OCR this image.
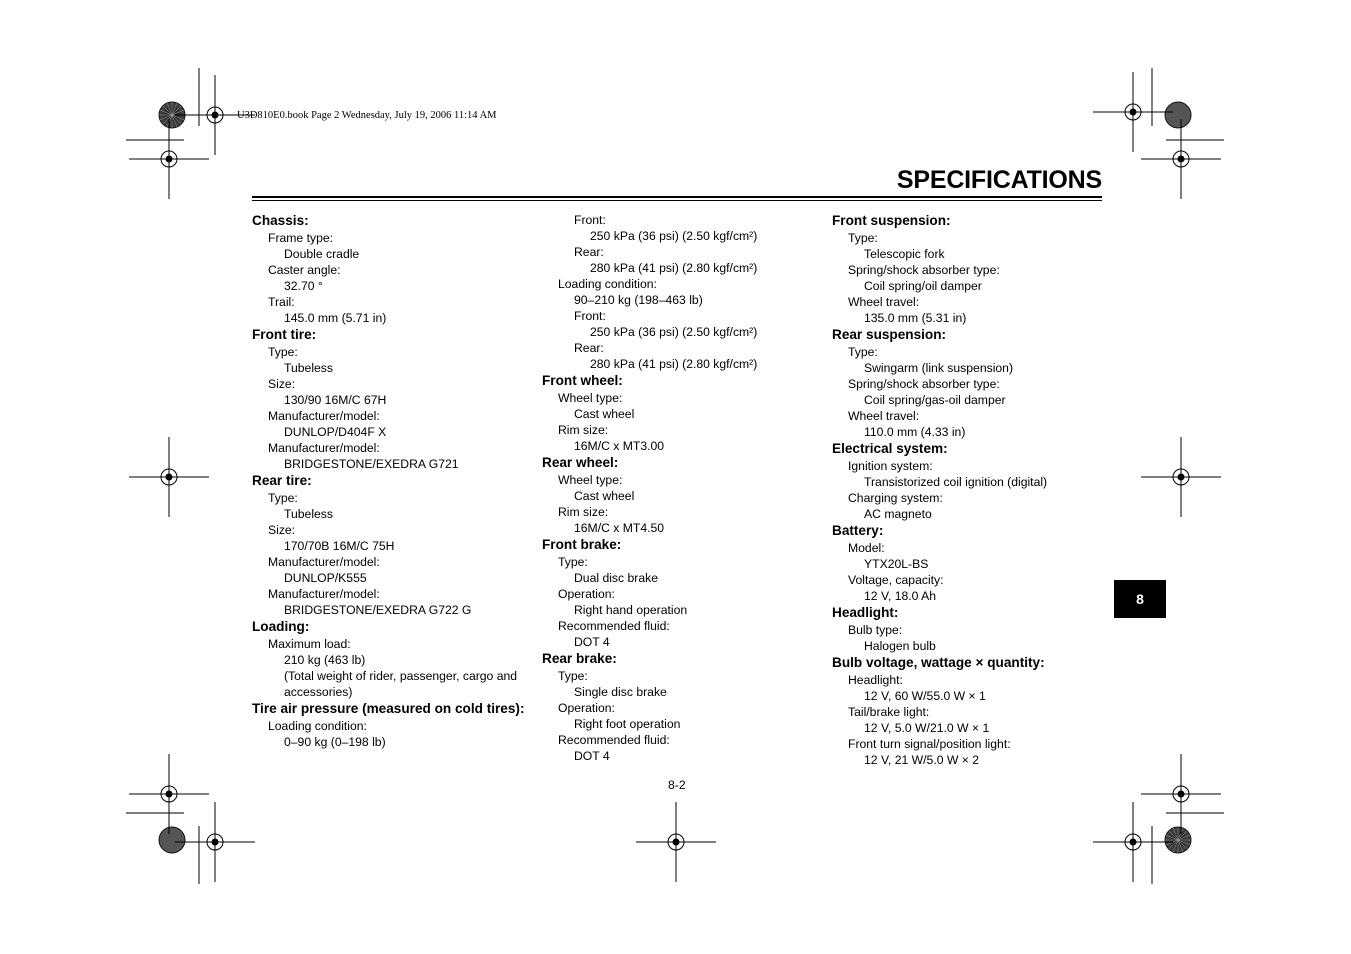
U3D810E0.book Page 2 Wednesday, July 19, 2006 11:14 AM
SPECIFICATIONS
Chassis:
Frame type:
Double cradle
Caster angle:
32.70 °
Trail:
145.0 mm (5.71 in)
Front tire:
Type:
Tubeless
Size:
130/90 16M/C 67H
Manufacturer/model:
DUNLOP/D404F X
Manufacturer/model:
BRIDGESTONE/EXEDRA G721
Rear tire:
Type:
Tubeless
Size:
170/70B 16M/C 75H
Manufacturer/model:
DUNLOP/K555
Manufacturer/model:
BRIDGESTONE/EXEDRA G722 G
Loading:
Maximum load:
210 kg (463 lb)
(Total weight of rider, passenger, cargo and accessories)
Tire air pressure (measured on cold tires):
Loading condition:
0–90 kg (0–198 lb)
Front:
250 kPa (36 psi) (2.50 kgf/cm²)
Rear:
280 kPa (41 psi) (2.80 kgf/cm²)
Loading condition:
90–210 kg (198–463 lb)
Front:
250 kPa (36 psi) (2.50 kgf/cm²)
Rear:
280 kPa (41 psi) (2.80 kgf/cm²)
Front wheel:
Wheel type:
Cast wheel
Rim size:
16M/C x MT3.00
Rear wheel:
Wheel type:
Cast wheel
Rim size:
16M/C x MT4.50
Front brake:
Type:
Dual disc brake
Operation:
Right hand operation
Recommended fluid:
DOT 4
Rear brake:
Type:
Single disc brake
Operation:
Right foot operation
Recommended fluid:
DOT 4
Front suspension:
Type:
Telescopic fork
Spring/shock absorber type:
Coil spring/oil damper
Wheel travel:
135.0 mm (5.31 in)
Rear suspension:
Type:
Swingarm (link suspension)
Spring/shock absorber type:
Coil spring/gas-oil damper
Wheel travel:
110.0 mm (4.33 in)
Electrical system:
Ignition system:
Transistorized coil ignition (digital)
Charging system:
AC magneto
Battery:
Model:
YTX20L-BS
Voltage, capacity:
12 V, 18.0 Ah
Headlight:
Bulb type:
Halogen bulb
Bulb voltage, wattage × quantity:
Headlight:
12 V, 60 W/55.0 W × 1
Tail/brake light:
12 V, 5.0 W/21.0 W × 1
Front turn signal/position light:
12 V, 21 W/5.0 W × 2
8
8-2
